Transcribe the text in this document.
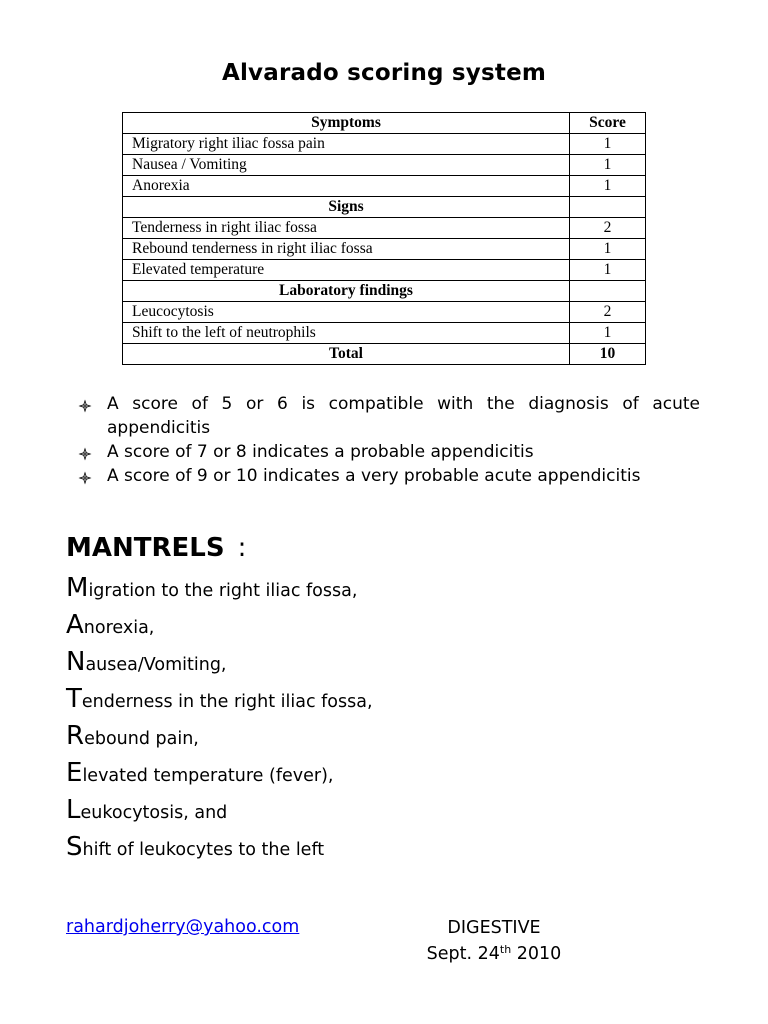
Alvarado scoring system
Symptoms	Score
Migratory right iliac fossa pain	1
Nausea / Vomiting	1
Anorexia	1
Signs	
Tenderness in right iliac fossa	2
Rebound tenderness in right iliac fossa	1
Elevated temperature	1
Laboratory findings	
Leucocytosis	2
Shift to the left of neutrophils	1
Total	10
A score of 5 or 6 is compatible with the diagnosis of acute appendicitis
A score of 7 or 8 indicates a probable appendicitis
A score of 9 or 10 indicates a very probable acute appendicitis
MANTRELS :
Migration to the right iliac fossa,
Anorexia,
Nausea/Vomiting,
Tenderness in the right iliac fossa,
Rebound pain,
Elevated temperature (fever),
Leukocytosis, and
Shift of leukocytes to the left
rahardjoherry@yahoo.com	DIGESTIVE
Sept. 24th 2010
